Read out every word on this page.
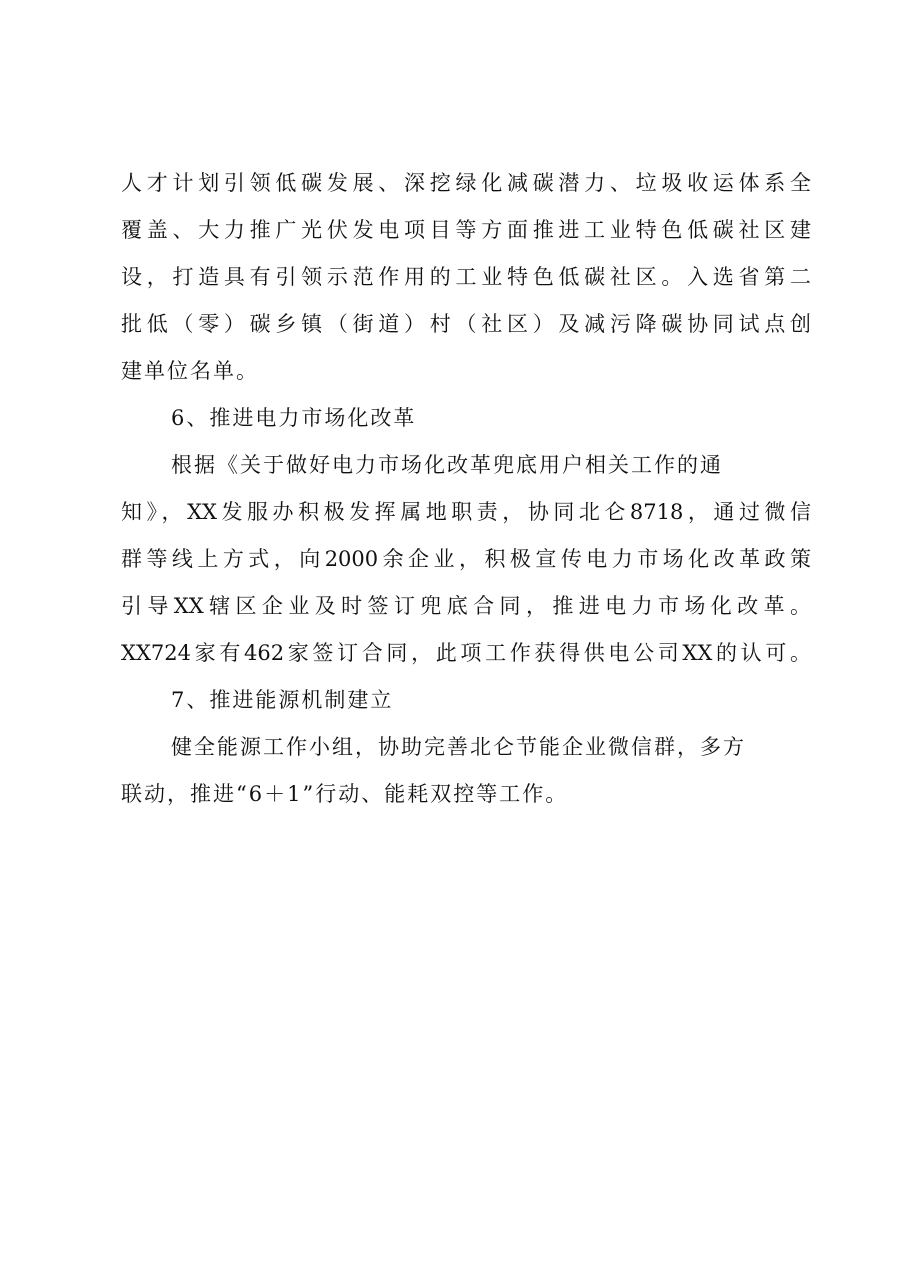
人才计划引领低碳发展、深挖绿化减碳潜力、垃圾收运体系全
覆盖、大力推广光伏发电项目等方面推进工业特色低碳社区建
设，打造具有引领示范作用的工业特色低碳社区。入选省第二
批低（零）碳乡镇（街道）村（社区）及减污降碳协同试点创
建单位名单。
6、推进电力市场化改革
根据《关于做好电力市场化改革兜底用户相关工作的通
知》，XX发服办积极发挥属地职责，协同北仑8718，通过微信
群等线上方式，向2000余企业，积极宣传电力市场化改革政策
引导XX辖区企业及时签订兜底合同，推进电力市场化改革。
XX724家有462家签订合同，此项工作获得供电公司XX的认可。
7、推进能源机制建立
健全能源工作小组，协助完善北仑节能企业微信群，多方
联动，推进“6＋1”行动、能耗双控等工作。
